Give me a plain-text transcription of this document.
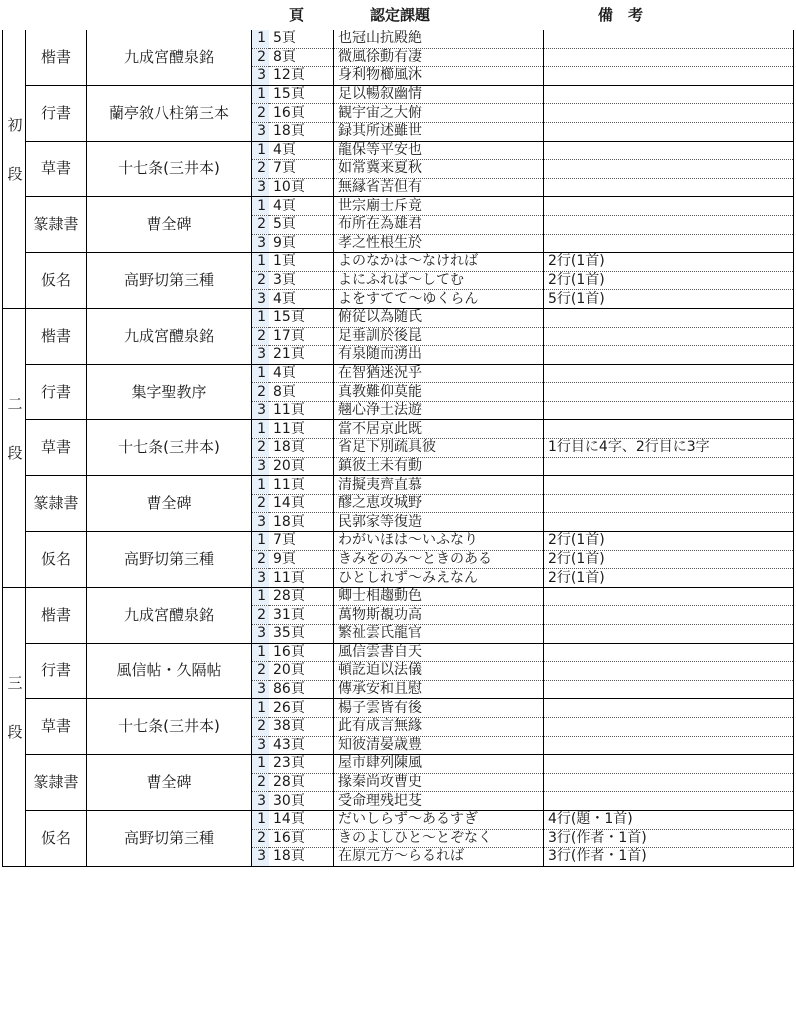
頁	認定課題	備　考
初段	楷書	九成宮醴泉銘	1	5頁	也冠山抗殿絶	
			2	8頁	微風徐動有凄	
			3	12頁	身利物櫛風沐	
	行書	蘭亭敘八柱第三本	1	15頁	足以暢叙幽情	
			2	16頁	観宇宙之大俯	
			3	18頁	録其所述雖世	
	草書	十七条(三井本)	1	4頁	龍保等平安也	
			2	7頁	如常冀来夏秋	
			3	10頁	無縁省苦但有	
	篆隷書	曹全碑	1	4頁	世宗廟士斥竟	
			2	5頁	布所在為雄君	
			3	9頁	孝之性根生於	
	仮名	高野切第三種	1	1頁	よのなかは～なければ	2行(1首)
			2	3頁	よにふれば～してむ	2行(1首)
			3	4頁	よをすてて～ゆくらん	5行(1首)
二段	楷書	九成宮醴泉銘	1	15頁	俯従以為随氏	
			2	17頁	足垂訓於後昆	
			3	21頁	有泉随而湧出	
	行書	集字聖教序	1	4頁	在智猶迷況乎	
			2	8頁	真教難仰莫能	
			3	11頁	翹心浄土法遊	
	草書	十七条(三井本)	1	11頁	當不居京此既	
			2	18頁	省足下別疏具彼	1行目に4字、2行目に3字
			3	20頁	鎮彼土未有動	
	篆隷書	曹全碑	1	11頁	清擬夷齊直慕	
			2	14頁	醪之恵攻城野	
			3	18頁	民郭家等復造	
	仮名	高野切第三種	1	7頁	わがいほは～いふなり	2行(1首)
			2	9頁	きみをのみ～ときのある	2行(1首)
			3	11頁	ひとしれず～みえなん	2行(1首)
三段	楷書	九成宮醴泉銘	1	28頁	卿士相趨動色	
			2	31頁	萬物斯覩功高	
			3	35頁	繁祉雲氏龍官	
	行書	風信帖・久隔帖	1	16頁	風信雲書自天	
			2	20頁	頓訖迫以法儀	
			3	86頁	傳承安和且慰	
	草書	十七条(三井本)	1	26頁	楊子雲皆有後	
			2	38頁	此有成言無緣	
			3	43頁	知彼清晏歳豊	
	篆隷書	曹全碑	1	23頁	屋市肆列陳風	
			2	28頁	掾秦尚攻曹史	
			3	30頁	受命理残圯芟	
	仮名	高野切第三種	1	14頁	だいしらず～あるすぎ	4行(題・1首)
			2	16頁	きのよしひと～とぞなく	3行(作者・1首)
			3	18頁	在原元方～らるれば	3行(作者・1首)
